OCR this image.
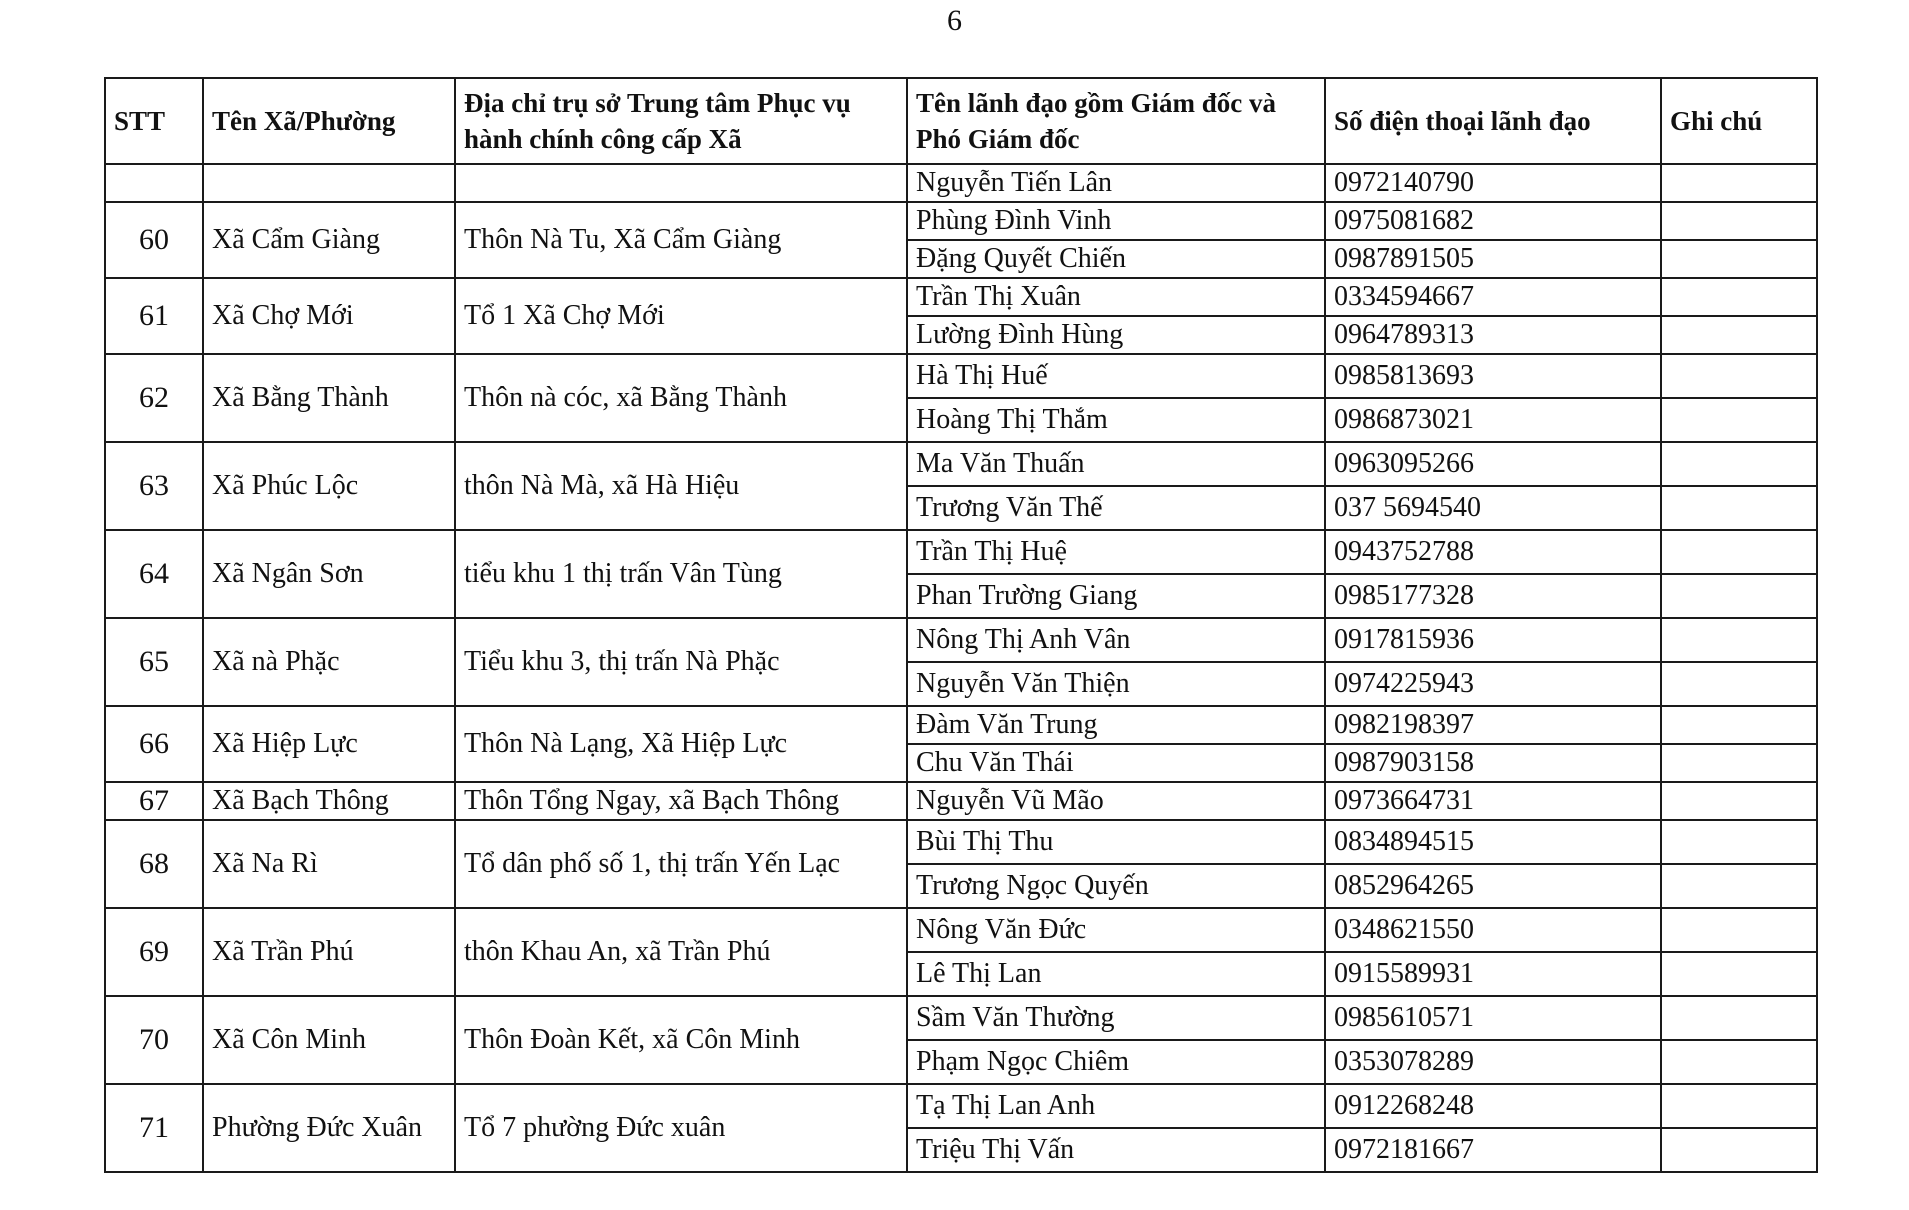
6
STT	Tên Xã/Phường	Địa chỉ trụ sở Trung tâm Phục vụ hành chính công cấp Xã	Tên lãnh đạo gồm Giám đốc và Phó Giám đốc	Số điện thoại lãnh đạo	Ghi chú
			Nguyễn Tiến Lân	0972140790	
60	Xã Cẩm Giàng	Thôn Nà Tu, Xã Cẩm Giàng	Phùng Đình Vinh	0975081682	
			Đặng Quyết Chiến	0987891505	
61	Xã Chợ Mới	Tổ 1 Xã Chợ Mới	Trần Thị Xuân	0334594667	
			Lường Đình Hùng	0964789313	
62	Xã Bằng Thành	Thôn nà cóc, xã Bằng Thành	Hà Thị Huế	0985813693	
			Hoàng Thị Thắm	0986873021	
63	Xã Phúc Lộc	thôn Nà Mà, xã Hà Hiệu	Ma Văn Thuấn	0963095266	
			Trương Văn Thế	037 5694540	
64	Xã Ngân Sơn	tiểu khu 1 thị trấn Vân Tùng	Trần Thị Huệ	0943752788	
			Phan Trường Giang	0985177328	
65	Xã nà Phặc	Tiểu khu 3, thị trấn Nà Phặc	Nông Thị Anh Vân	0917815936	
			Nguyễn Văn Thiện	0974225943	
66	Xã Hiệp Lực	Thôn Nà Lạng, Xã Hiệp Lực	Đàm Văn Trung	0982198397	
			Chu Văn Thái	0987903158	
67	Xã Bạch Thông	Thôn Tổng Ngay, xã Bạch Thông	Nguyễn Vũ Mão	0973664731	
68	Xã Na Rì	Tổ dân phố số 1, thị trấn Yến Lạc	Bùi Thị Thu	0834894515	
			Trương Ngọc Quyến	0852964265	
69	Xã Trần Phú	thôn Khau An, xã Trần Phú	Nông Văn Đức	0348621550	
			Lê Thị Lan	0915589931	
70	Xã Côn Minh	Thôn Đoàn Kết, xã Côn Minh	Sầm Văn Thường	0985610571	
			Phạm Ngọc Chiêm	0353078289	
71	Phường Đức Xuân	Tổ 7 phường Đức xuân	Tạ Thị Lan Anh	0912268248	
			Triệu Thị Vấn	0972181667	
